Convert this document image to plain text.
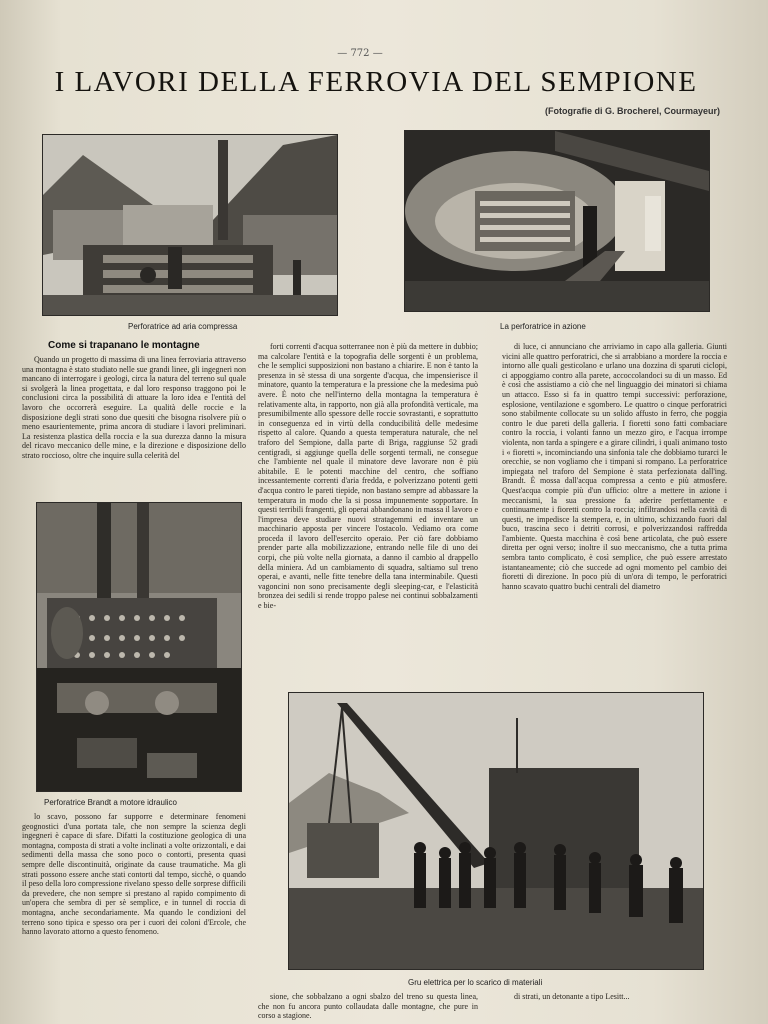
— 772 —
I LAVORI DELLA FERROVIA DEL SEMPIONE
(Fotografie di G. Brocherel, Courmayeur)
Perforatrice ad aria compressa	La perforatrice in azione
Come si trapanano le montagne

Quando un progetto di massima di una linea ferroviaria attraverso una montagna è stato studiato nelle sue grandi linee, gli ingegneri non mancano di interrogare i geologi, circa la natura del terreno sul quale si svolgerà la linea progettata, e dal loro responso traggono poi le conclusioni circa la possibilità di attuare la loro idea e l'entità del lavoro che occorrerà eseguire. La qualità delle roccie e la disposizione degli strati sono due quesiti che bisogna risolvere più o meno esaurientemente, prima ancora di studiare i lavori preliminari. La resistenza plastica della roccia e la sua durezza danno la misura del ricavo meccanico delle mine, e la direzione e disposizione dello strato roccioso, oltre che inquire sulla celerità del

forti correnti d'acqua sotterranee non è più da mettere in dubbio; ma calcolare l'entità e la topografia delle sorgenti è un problema, che le semplici supposizioni non bastano a chiarire. E non è tanto la presenza in sè stessa di una sorgente d'acqua, che impensierisce il minatore, quanto la temperatura e la pressione che la medesima può avere. È noto che nell'interno della montagna la temperatura è relativamente alta, in rapporto, non già alla profondità verticale, ma presumibilmente allo spessore delle roccie sovrastanti, e soprattutto in conseguenza ed in virtù della conducibilità delle medesime rispetto al calore. Quando a questa temperatura naturale, che nel traforo del Sempione, dalla parte di Briga, raggiunse 52 gradi centigradi, si aggiunge quella delle sorgenti termali, ne consegue che l'ambiente nel quale il minatore deve lavorare non è più abitabile. E le potenti macchine del centro, che soffiano incessantemente correnti d'aria fredda, e polverizzano potenti getti d'acqua contro le pareti tiepide, non bastano sempre ad abbassare la temperatura in modo che la si possa impunemente sopportare. In questi terribili frangenti, gli operai abbandonano in massa il lavoro e l'impresa deve studiare nuovi stratagemmi ed inventare un macchinario apposta per vincere l'ostacolo. Vediamo ora come proceda il lavoro dell'esercito operaio. Per ciò fare dobbiamo prender parte alla mobilizzazione, entrando nelle file di uno dei corpi, che più volte nella giornata, a danno il cambio al drappello della miniera. Ad un cambiamento di squadra, saltiamo sul treno operai, e avanti, nelle fitte tenebre della tana interminabile. Questi vagoncini non sono precisamente degli sleeping-car, e l'elasticità bronzea dei sedili si rende troppo palese nei continui sobbalzamenti e bie-

di luce, ci annunciano che arriviamo in capo alla galleria. Giunti vicini alle quattro perforatrici, che si arrabbiano a mordere la roccia e intorno alle quali gesticolano e urlano una dozzina di sparuti ciclopi, ci appoggiamo contro alla parete, accoccolandoci su di un masso. Ed è così che assistiamo a ciò che nel linguaggio dei minatori si chiama un attacco. Esso si fa in quattro tempi successivi: perforazione, esplosione, ventilazione e sgombero. Le quattro o cinque perforatrici sono stabilmente collocate su un solido affusto in ferro, che poggia contro le due pareti della galleria. I fioretti sono fatti combaciare contro la roccia, i volanti fanno un mezzo giro, e l'acqua irrompe violenta, non tarda a spingere e a girare cilindri, i quali animano tosto i « fioretti », incominciando una sinfonia tale che dobbiamo turarci le orecchie, se non vogliamo che i timpani si rompano. La perforatrice impiegata nel traforo del Sempione è stata perfezionata dall'ing. Brandt. È mossa dall'acqua compressa a cento e più atmosfere. Quest'acqua compie più d'un ufficio: oltre a mettere in azione i meccanismi, la sua pressione fa aderire perfettamente e continuamente i fioretti contro la roccia; infiltrandosi nella cavità di questi, ne impedisce la stempera, e, in ultimo, schizzando fuori dal buco, trascina seco i detriti corrosi, e polverizzandosi raffredda l'ambiente. Questa macchina è così bene articolata, che può essere diretta per ogni verso; inoltre il suo meccanismo, che a tutta prima sembra tanto complicato, è così semplice, che può essere arrestato istantaneamente; ciò che succede ad ogni momento pel cambio dei fioretti di direzione. In poco più di un'ora di tempo, le perforatrici hanno scavato quattro buchi centrali del diametro

Perforatrice Brandt a motore idraulico

lo scavo, possono far supporre e determinare fenomeni geognostici d'una portata tale, che non sempre la scienza degli ingegneri è capace di sfare. Difatti la costituzione geologica di una montagna, composta di strati a volte inclinati a volte orizzontali, e dai sedimenti della massa che sono poco o contorti, presenta quasi sempre delle discontinuità, originate da cause traumatiche. Ma gli strati possono essere anche stati contorti dal tempo, sicchè, o quando il peso della loro compressione rivelano spesso delle sorprese difficili da prevedere, che non sempre si prestano al rapido compimento di un'opera che sembra di per sè semplice, e in tunnel di roccia di montagna, anche secondariamente. Ma quando le condizioni del terreno sono tipica e spesso ora per i cuori dei coloni d'Ercole, che hanno lavorato attorno a questo fenomeno.

Gru elettrica per lo scarico di materiali

sione, che sobbalzano a ogni sbalzo del treno su questa linea, che non fu ancora punto collaudata dalle montagne, che pure in corso a stagione.

di strati, un detonante a tipo Lesitt...
